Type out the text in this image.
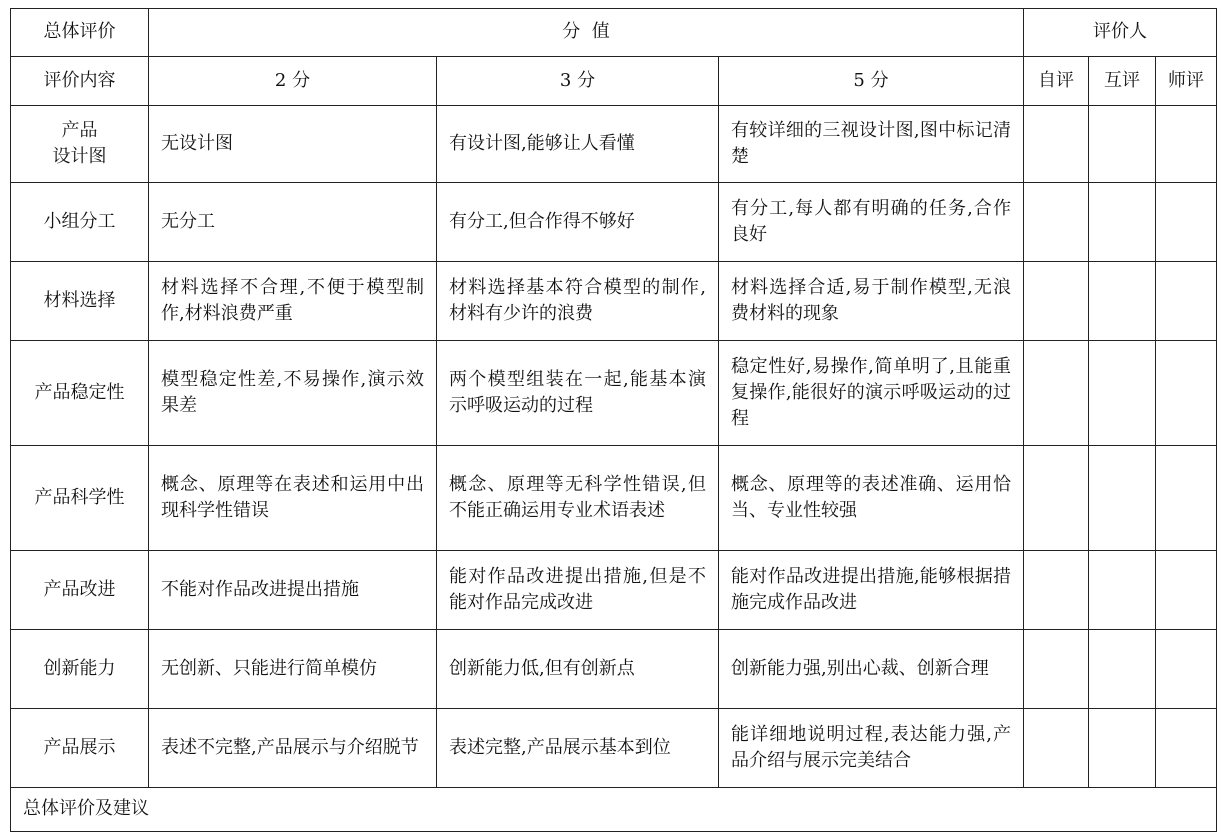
总体评价	分  值			评价人		
评价内容	2 分	3 分	5 分	自评	互评	师评
产品
设计图	无设计图	有设计图,能够让人看懂	有较详细的三视设计图,图中标记清楚			
小组分工	无分工	有分工,但合作得不够好	有分工,每人都有明确的任务,合作良好			
材料选择	材料选择不合理,不便于模型制作,材料浪费严重	材料选择基本符合模型的制作,材料有少许的浪费	材料选择合适,易于制作模型,无浪费材料的现象			
产品稳定性	模型稳定性差,不易操作,演示效果差	两个模型组装在一起,能基本演示呼吸运动的过程	稳定性好,易操作,简单明了,且能重复操作,能很好的演示呼吸运动的过程			
产品科学性	概念、原理等在表述和运用中出现科学性错误	概念、原理等无科学性错误,但不能正确运用专业术语表述	概念、原理等的表述准确、运用恰当、专业性较强			
产品改进	不能对作品改进提出措施	能对作品改进提出措施,但是不能对作品完成改进	能对作品改进提出措施,能够根据措施完成作品改进			
创新能力	无创新、只能进行简单模仿	创新能力低,但有创新点	创新能力强,别出心裁、创新合理			
产品展示	表述不完整,产品展示与介绍脱节	表述完整,产品展示基本到位	能详细地说明过程,表达能力强,产品介绍与展示完美结合			
总体评价及建议						
